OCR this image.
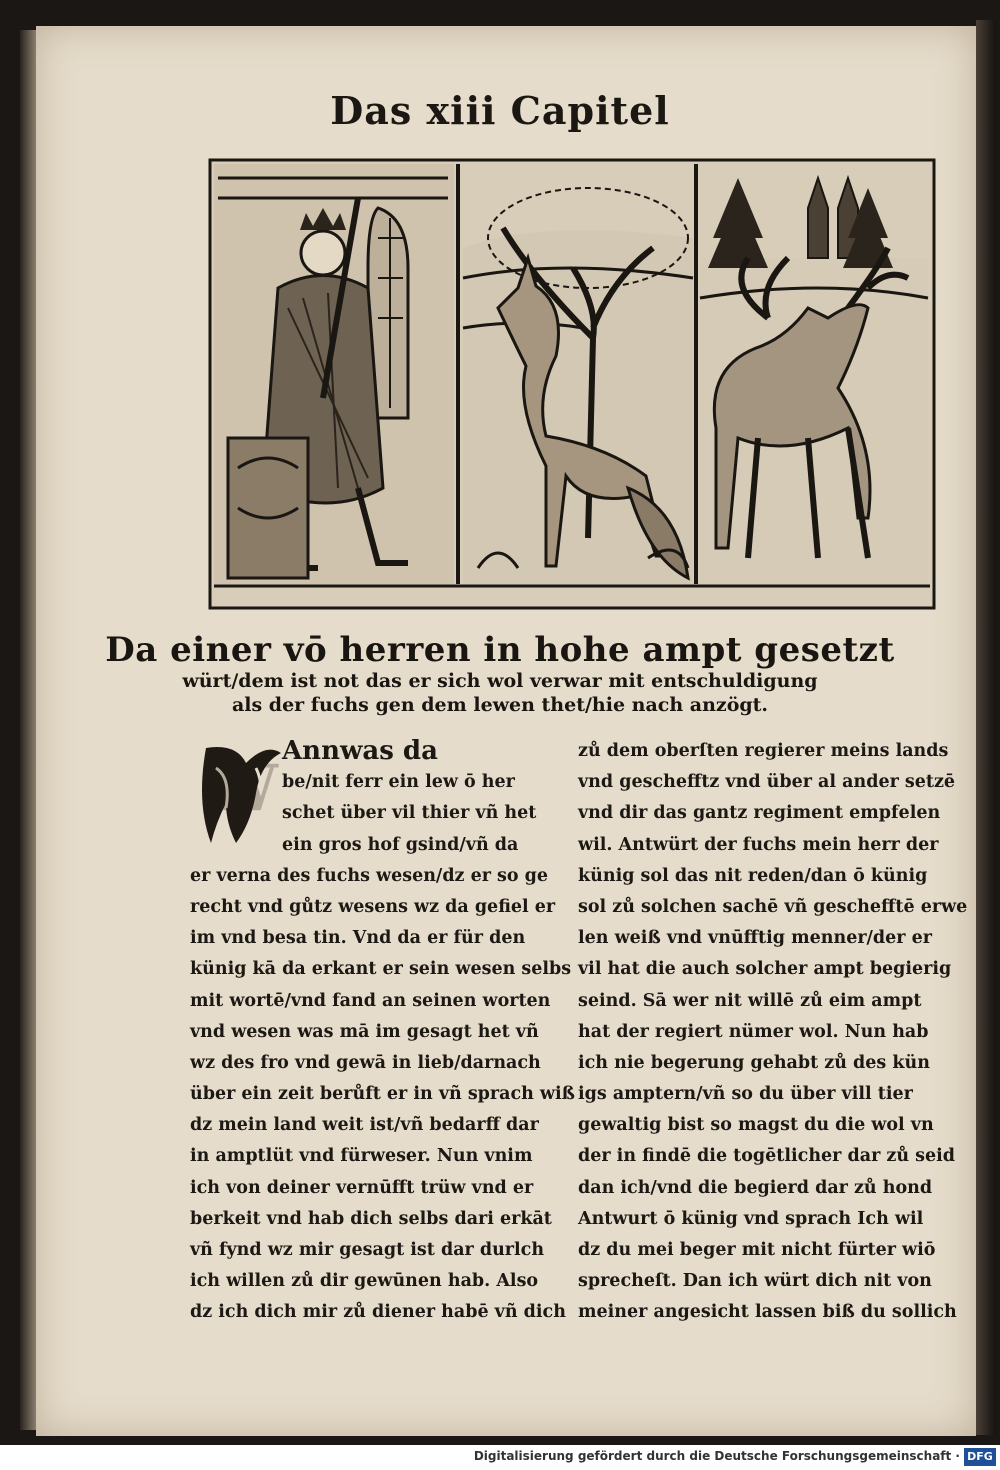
Das xiii Capitel
Da einer vō herren in hohe ampt gesetzt
würt/dem ist not das er sich wol verwar mit entschuldigung
als der fuchs gen dem lewen thet/hie nach anzögt.
W Annwas da
be/nit ferr ein lew ō her
schet über vil thier vñ het
ein gros hof gsind/vñ da
er verna des fuchs wesen/dz er so ge
recht vnd gůtz wesens wz da gefiel er
im vnd besa tin. Vnd da er für den
künig kā da erkant er sein wesen selbs
mit wortē/vnd fand an seinen worten
vnd wesen was mā im gesagt het vñ
wz des fro vnd gewā in lieb/darnach
über ein zeit berůft er in vñ sprach wiß
dz mein land weit ist/vñ bedarff dar
in amptlüt vnd fürweser. Nun vnim
ich von deiner vernūfft trüw vnd er
berkeit vnd hab dich selbs dari erkāt
vñ fynd wz mir gesagt ist dar durlch
ich willen zů dir gewūnen hab. Also
dz ich dich mir zů diener habē vñ dich
zů dem oberſten regierer meins lands
vnd geschefftz vnd über al ander setzē
vnd dir das gantz regiment empfelen
wil. Antwürt der fuchs mein herr der
künig sol das nit reden/dan ō künig
sol zů solchen sachē vñ geschefftē erwe
len weiß vnd vnūfftig menner/der er
vil hat die auch solcher ampt begierig
seind. Sā wer nit willē zů eim ampt
hat der regiert nümer wol. Nun hab
ich nie begerung gehabt zů des kün
igs amptern/vñ so du über vill tier
gewaltig bist so magst du die wol vn
der in findē die togētlicher dar zů seid
dan ich/vnd die begierd dar zů hond
Antwurt ō künig vnd sprach Ich wil
dz du mei beger mit nicht fürter wiō
sprecheſt. Dan ich würt dich nit von
meiner angesicht lassen biß du sollich
Digitalisierung gefördert durch die Deutsche Forschungsgemeinschaft · DFG
